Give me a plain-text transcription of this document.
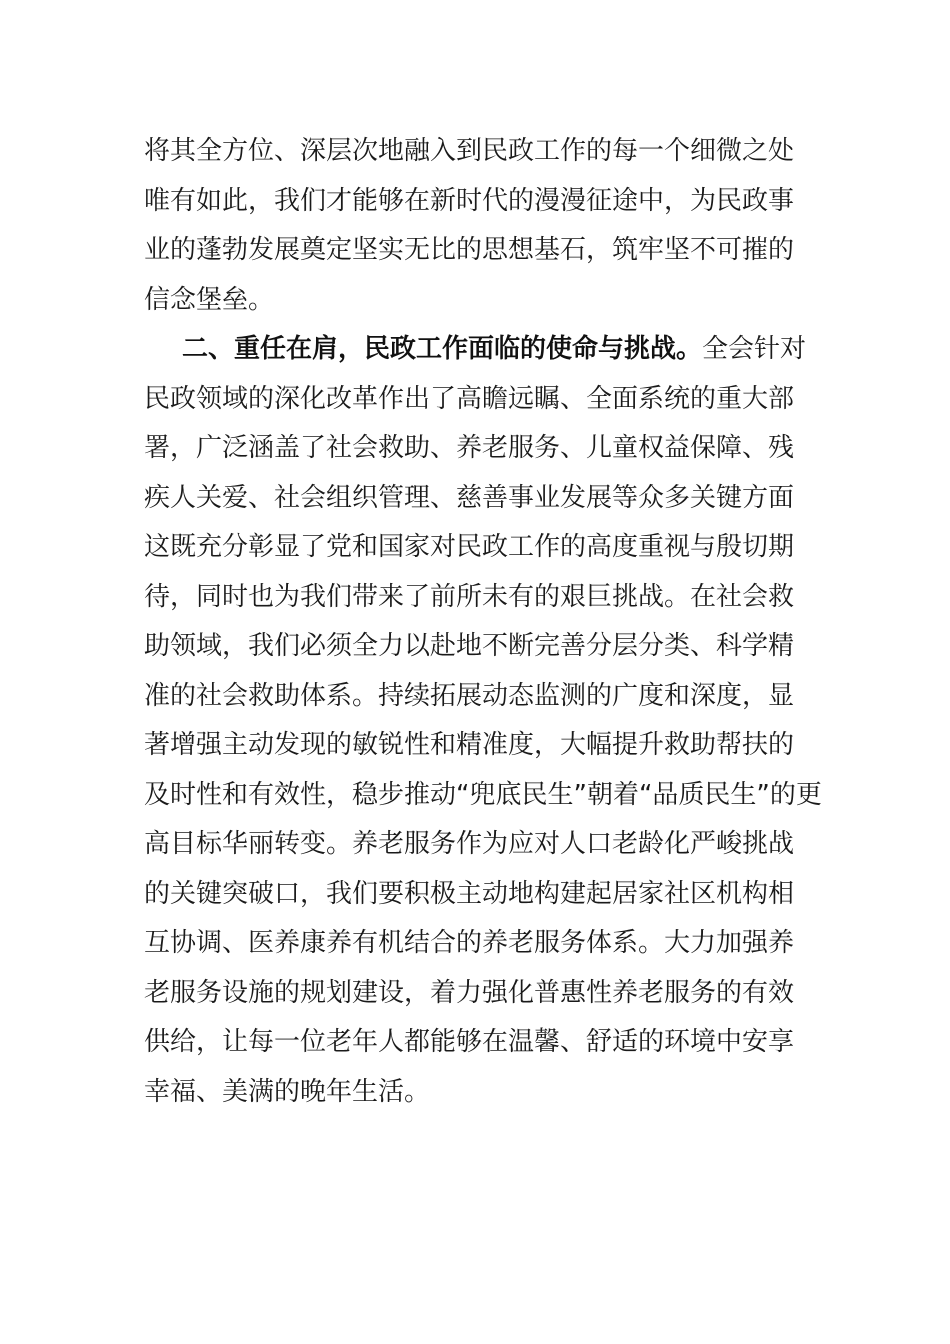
将其全方位、深层次地融入到民政工作的每一个细微之处
唯有如此，我们才能够在新时代的漫漫征途中，为民政事
业的蓬勃发展奠定坚实无比的思想基石，筑牢坚不可摧的
信念堡垒。
二、重任在肩，民政工作面临的使命与挑战。全会针对
民政领域的深化改革作出了高瞻远瞩、全面系统的重大部
署，广泛涵盖了社会救助、养老服务、儿童权益保障、残
疾人关爱、社会组织管理、慈善事业发展等众多关键方面
这既充分彰显了党和国家对民政工作的高度重视与殷切期
待，同时也为我们带来了前所未有的艰巨挑战。在社会救
助领域，我们必须全力以赴地不断完善分层分类、科学精
准的社会救助体系。持续拓展动态监测的广度和深度，显
著增强主动发现的敏锐性和精准度，大幅提升救助帮扶的
及时性和有效性，稳步推动“兜底民生”朝着“品质民生”的更
高目标华丽转变。养老服务作为应对人口老龄化严峻挑战
的关键突破口，我们要积极主动地构建起居家社区机构相
互协调、医养康养有机结合的养老服务体系。大力加强养
老服务设施的规划建设，着力强化普惠性养老服务的有效
供给，让每一位老年人都能够在温馨、舒适的环境中安享
幸福、美满的晚年生活。
